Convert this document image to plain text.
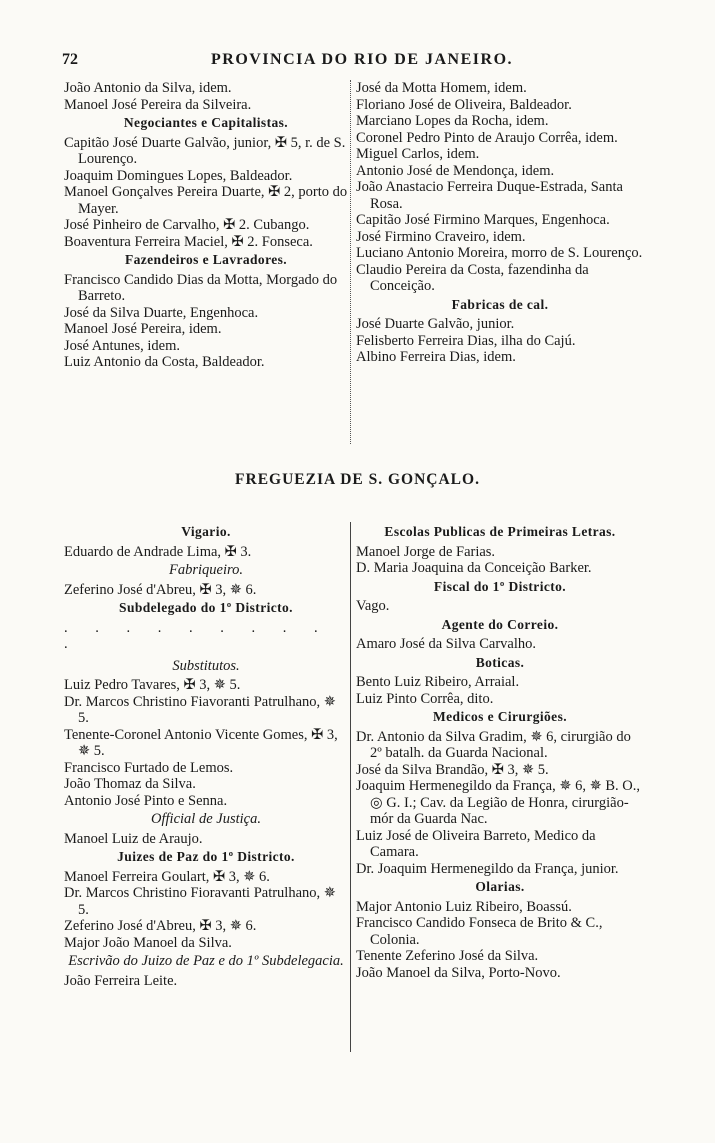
72	PROVINCIA DO RIO DE JANEIRO.
João Antonio da Silva, idem.
Manoel José Pereira da Silveira.
Negociantes e Capitalistas.
Capitão José Duarte Galvão, junior, ✠ 5, r. de S. Lourenço.
Joaquim Domingues Lopes, Baldeador.
Manoel Gonçalves Pereira Duarte, ✠ 2, porto do Mayer.
José Pinheiro de Carvalho, ✠ 2. Cubango.
Boaventura Ferreira Maciel, ✠ 2. Fonseca.
Fazendeiros e Lavradores.
Francisco Candido Dias da Motta, Morgado do Barreto.
José da Silva Duarte, Engenhoca.
Manoel José Pereira, idem.
José Antunes, idem.
Luiz Antonio da Costa, Baldeador.
José da Motta Homem, idem.
Floriano José de Oliveira, Baldeador.
Marciano Lopes da Rocha, idem.
Coronel Pedro Pinto de Araujo Corrêa, idem.
Miguel Carlos, idem.
Antonio José de Mendonça, idem.
João Anastacio Ferreira Duque-Estrada, Santa Rosa.
Capitão José Firmino Marques, Engenhoca.
José Firmino Craveiro, idem.
Luciano Antonio Moreira, morro de S. Lourenço.
Claudio Pereira da Costa, fazendinha da Conceição.
Fabricas de cal.
José Duarte Galvão, junior.
Felisberto Ferreira Dias, ilha do Cajú.
Albino Ferreira Dias, idem.
FREGUEZIA DE S. GONÇALO.
Vigario.
Eduardo de Andrade Lima, ✠ 3.
Fabriqueiro.
Zeferino José d'Abreu, ✠ 3, ✵ 6.
Subdelegado do 1º Districto.
. . . . . . . . . .
Substitutos.
Luiz Pedro Tavares, ✠ 3, ✵ 5.
Dr. Marcos Christino Fiavoranti Patrulhano, ✵ 5.
Tenente-Coronel Antonio Vicente Gomes, ✠ 3, ✵ 5.
Francisco Furtado de Lemos.
João Thomaz da Silva.
Antonio José Pinto e Senna.
Official de Justiça.
Manoel Luiz de Araujo.
Juizes de Paz do 1º Districto.
Manoel Ferreira Goulart, ✠ 3, ✵ 6.
Dr. Marcos Christino Fioravanti Patrulhano, ✵ 5.
Zeferino José d'Abreu, ✠ 3, ✵ 6.
Major João Manoel da Silva.
Escrivão do Juizo de Paz e do 1º Subdelegacia.
João Ferreira Leite.
Escolas Publicas de Primeiras Letras.
Manoel Jorge de Farias.
D. Maria Joaquina da Conceição Barker.
Fiscal do 1º Districto.
Vago.
Agente do Correio.
Amaro José da Silva Carvalho.
Boticas.
Bento Luiz Ribeiro, Arraial.
Luiz Pinto Corrêa, dito.
Medicos e Cirurgiões.
Dr. Antonio da Silva Gradim, ✵ 6, cirurgião do 2º batalh. da Guarda Nacional.
José da Silva Brandão, ✠ 3, ✵ 5.
Joaquim Hermenegildo da França, ✵ 6, ✵ B. O., ◎ G. I.; Cav. da Legião de Honra, cirurgião-mór da Guarda Nac.
Luiz José de Oliveira Barreto, Medico da Camara.
Dr. Joaquim Hermenegildo da França, junior.
Olarias.
Major Antonio Luiz Ribeiro, Boassú.
Francisco Candido Fonseca de Brito & C., Colonia.
Tenente Zeferino José da Silva.
João Manoel da Silva, Porto-Novo.
